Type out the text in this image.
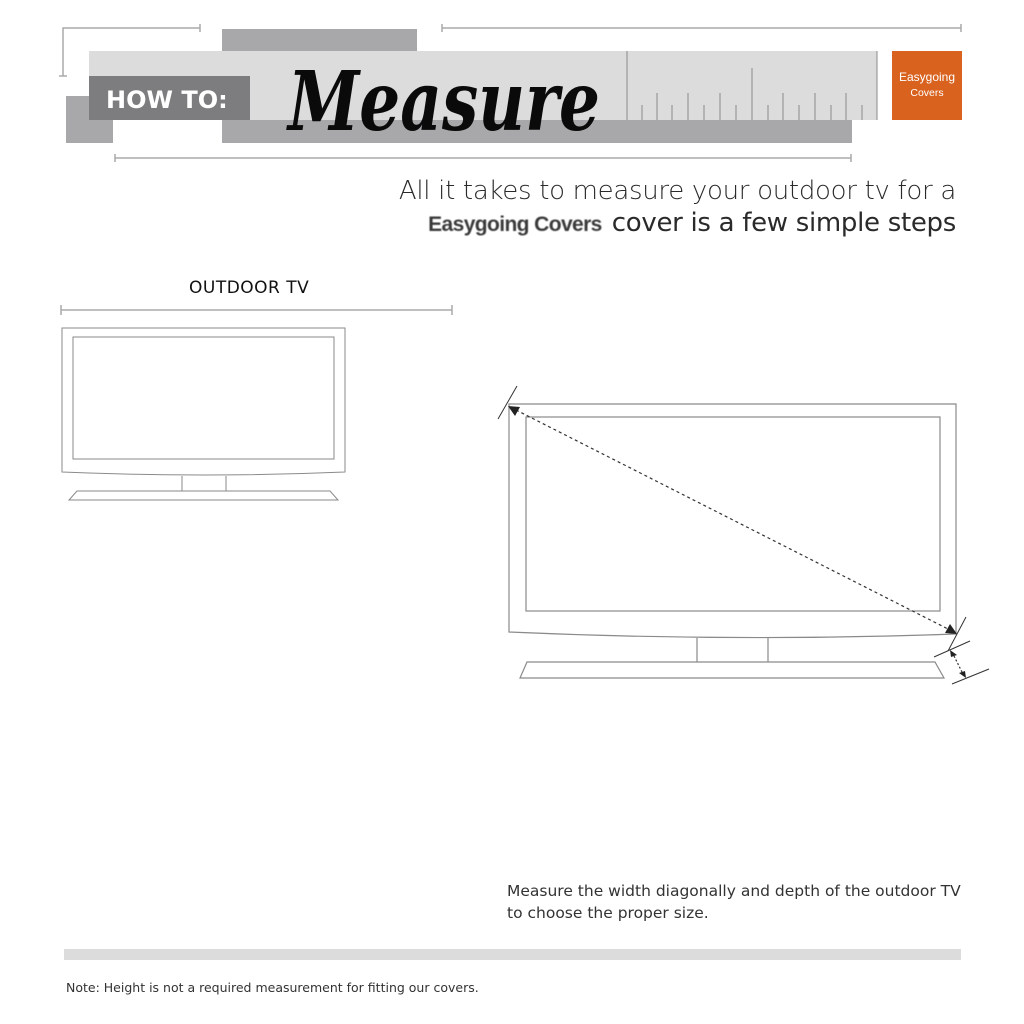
HOW TO: Measure	Easygoing
Covers
All it takes to measure your outdoor tv for a
Easygoing Covers cover is a few simple steps
OUTDOOR TV
Measure the width diagonally and depth of the outdoor TV to choose the proper size.
Note: Height is not a required measurement for fitting our covers.
